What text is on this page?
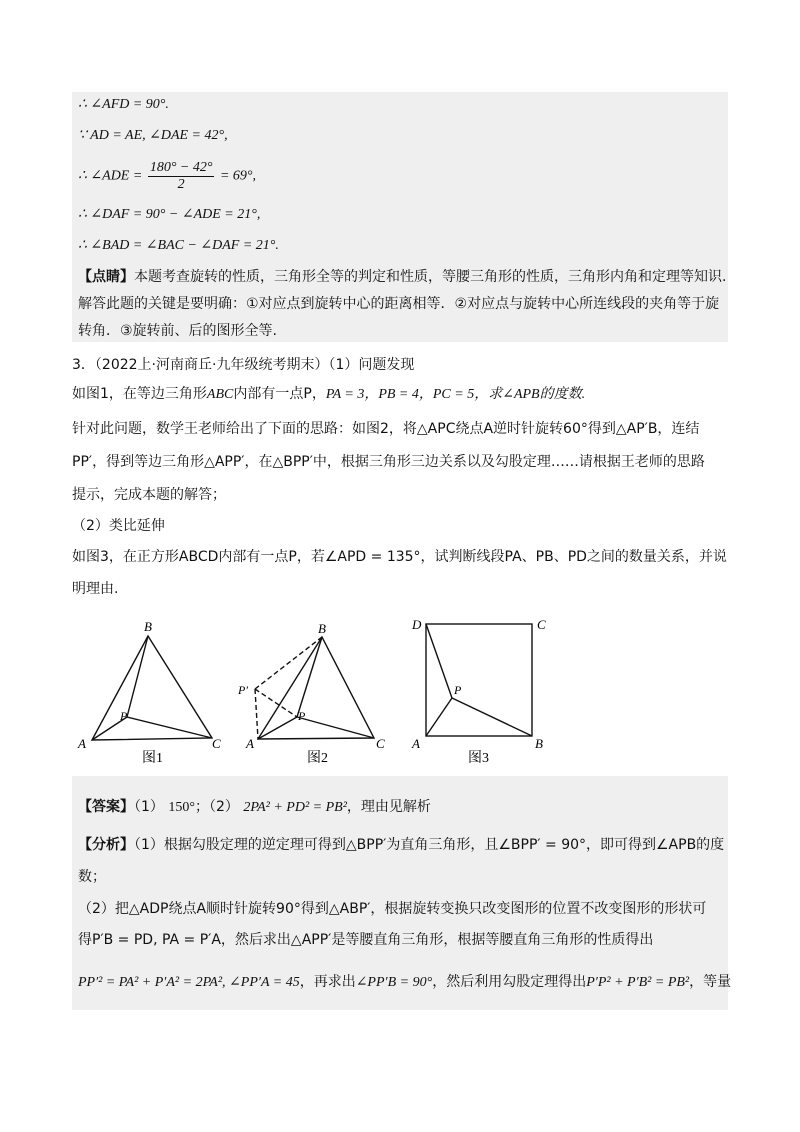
∴ ∠AFD = 90°.
∵ AD = AE, ∠DAE = 42°,
∴ ∠ADE = $\frac{180^\circ - 42^\circ}{2} = 69^\circ$,
∴ ∠DAF = 90° − ∠ADE = 21°,
∴ ∠BAD = ∠BAC − ∠DAF = 21°.
【点睛】本题考查旋转的性质，三角形全等的判定和性质，等腰三角形的性质，三角形内角和定理等知识.
解答此题的关键是要明确：①对应点到旋转中心的距离相等．②对应点与旋转中心所连线段的夹角等于旋
转角．③旋转前、后的图形全等.
3．（2022上·河南商丘·九年级统考期末）（1）问题发现
如图1，在等边三角形ABC内部有一点P，PA = 3，PB = 4，PC = 5，求∠APB的度数.
针对此问题，数学王老师给出了下面的思路：如图2，将△APC绕点A逆时针旋转60°得到△AP′B，连结
PP′，得到等边三角形△APP′，在△BPP′中，根据三角形三边关系以及勾股定理……请根据王老师的思路
提示，完成本题的解答；
（2）类比延伸
如图3，在正方形ABCD内部有一点P，若∠APD = 135°，试判断线段PA、PB、PD之间的数量关系，并说
明理由.
A
B
C
P
图1
A
B
C
P
P′
图2
A	B
C
D
P
图3
【答案】（1） 150°；（2） 2PA² + PD² = PB²，理由见解析
【分析】（1）根据勾股定理的逆定理可得到△BPP′为直角三角形，且∠BPP′ = 90°，即可得到∠APB的度
数；
（2）把△ADP绕点A顺时针旋转90°得到△ABP′，根据旋转变换只改变图形的位置不改变图形的形状可
得P′B = PD, PA = P′A，然后求出△APP′是等腰直角三角形，根据等腰直角三角形的性质得出
PP′² = PA² + P′A² = 2PA², ∠PP′A = 45，再求出∠PP′B = 90°，然后利用勾股定理得出P′P² + P′B² = PB²，等量
